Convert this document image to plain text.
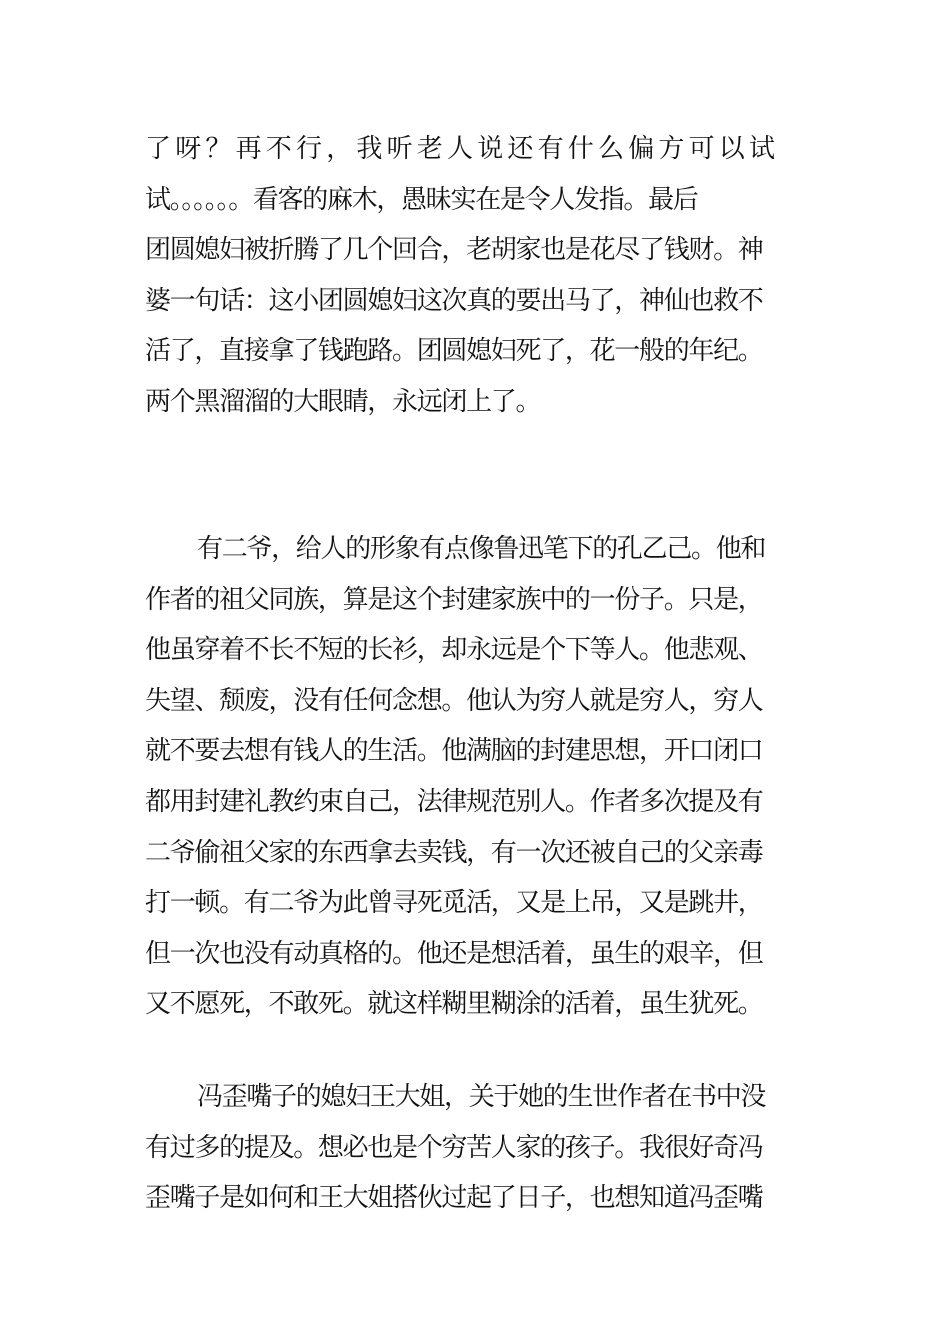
了呀？再不行，我听老人说还有什么偏方可以试
试。。。。。。看客的麻木，愚昧实在是令人发指。最后
团圆媳妇被折腾了几个回合，老胡家也是花尽了钱财。神
婆一句话：这小团圆媳妇这次真的要出马了，神仙也救不
活了，直接拿了钱跑路。团圆媳妇死了，花一般的年纪。
两个黑溜溜的大眼睛，永远闭上了。
有二爷，给人的形象有点像鲁迅笔下的孔乙己。他和
作者的祖父同族，算是这个封建家族中的一份子。只是，
他虽穿着不长不短的长衫，却永远是个下等人。他悲观、
失望、颓废，没有任何念想。他认为穷人就是穷人，穷人
就不要去想有钱人的生活。他满脑的封建思想，开口闭口
都用封建礼教约束自己，法律规范别人。作者多次提及有
二爷偷祖父家的东西拿去卖钱，有一次还被自己的父亲毒
打一顿。有二爷为此曾寻死觅活，又是上吊，又是跳井，
但一次也没有动真格的。他还是想活着，虽生的艰辛，但
又不愿死，不敢死。就这样糊里糊涂的活着，虽生犹死。
冯歪嘴子的媳妇王大姐，关于她的生世作者在书中没
有过多的提及。想必也是个穷苦人家的孩子。我很好奇冯
歪嘴子是如何和王大姐搭伙过起了日子，也想知道冯歪嘴
